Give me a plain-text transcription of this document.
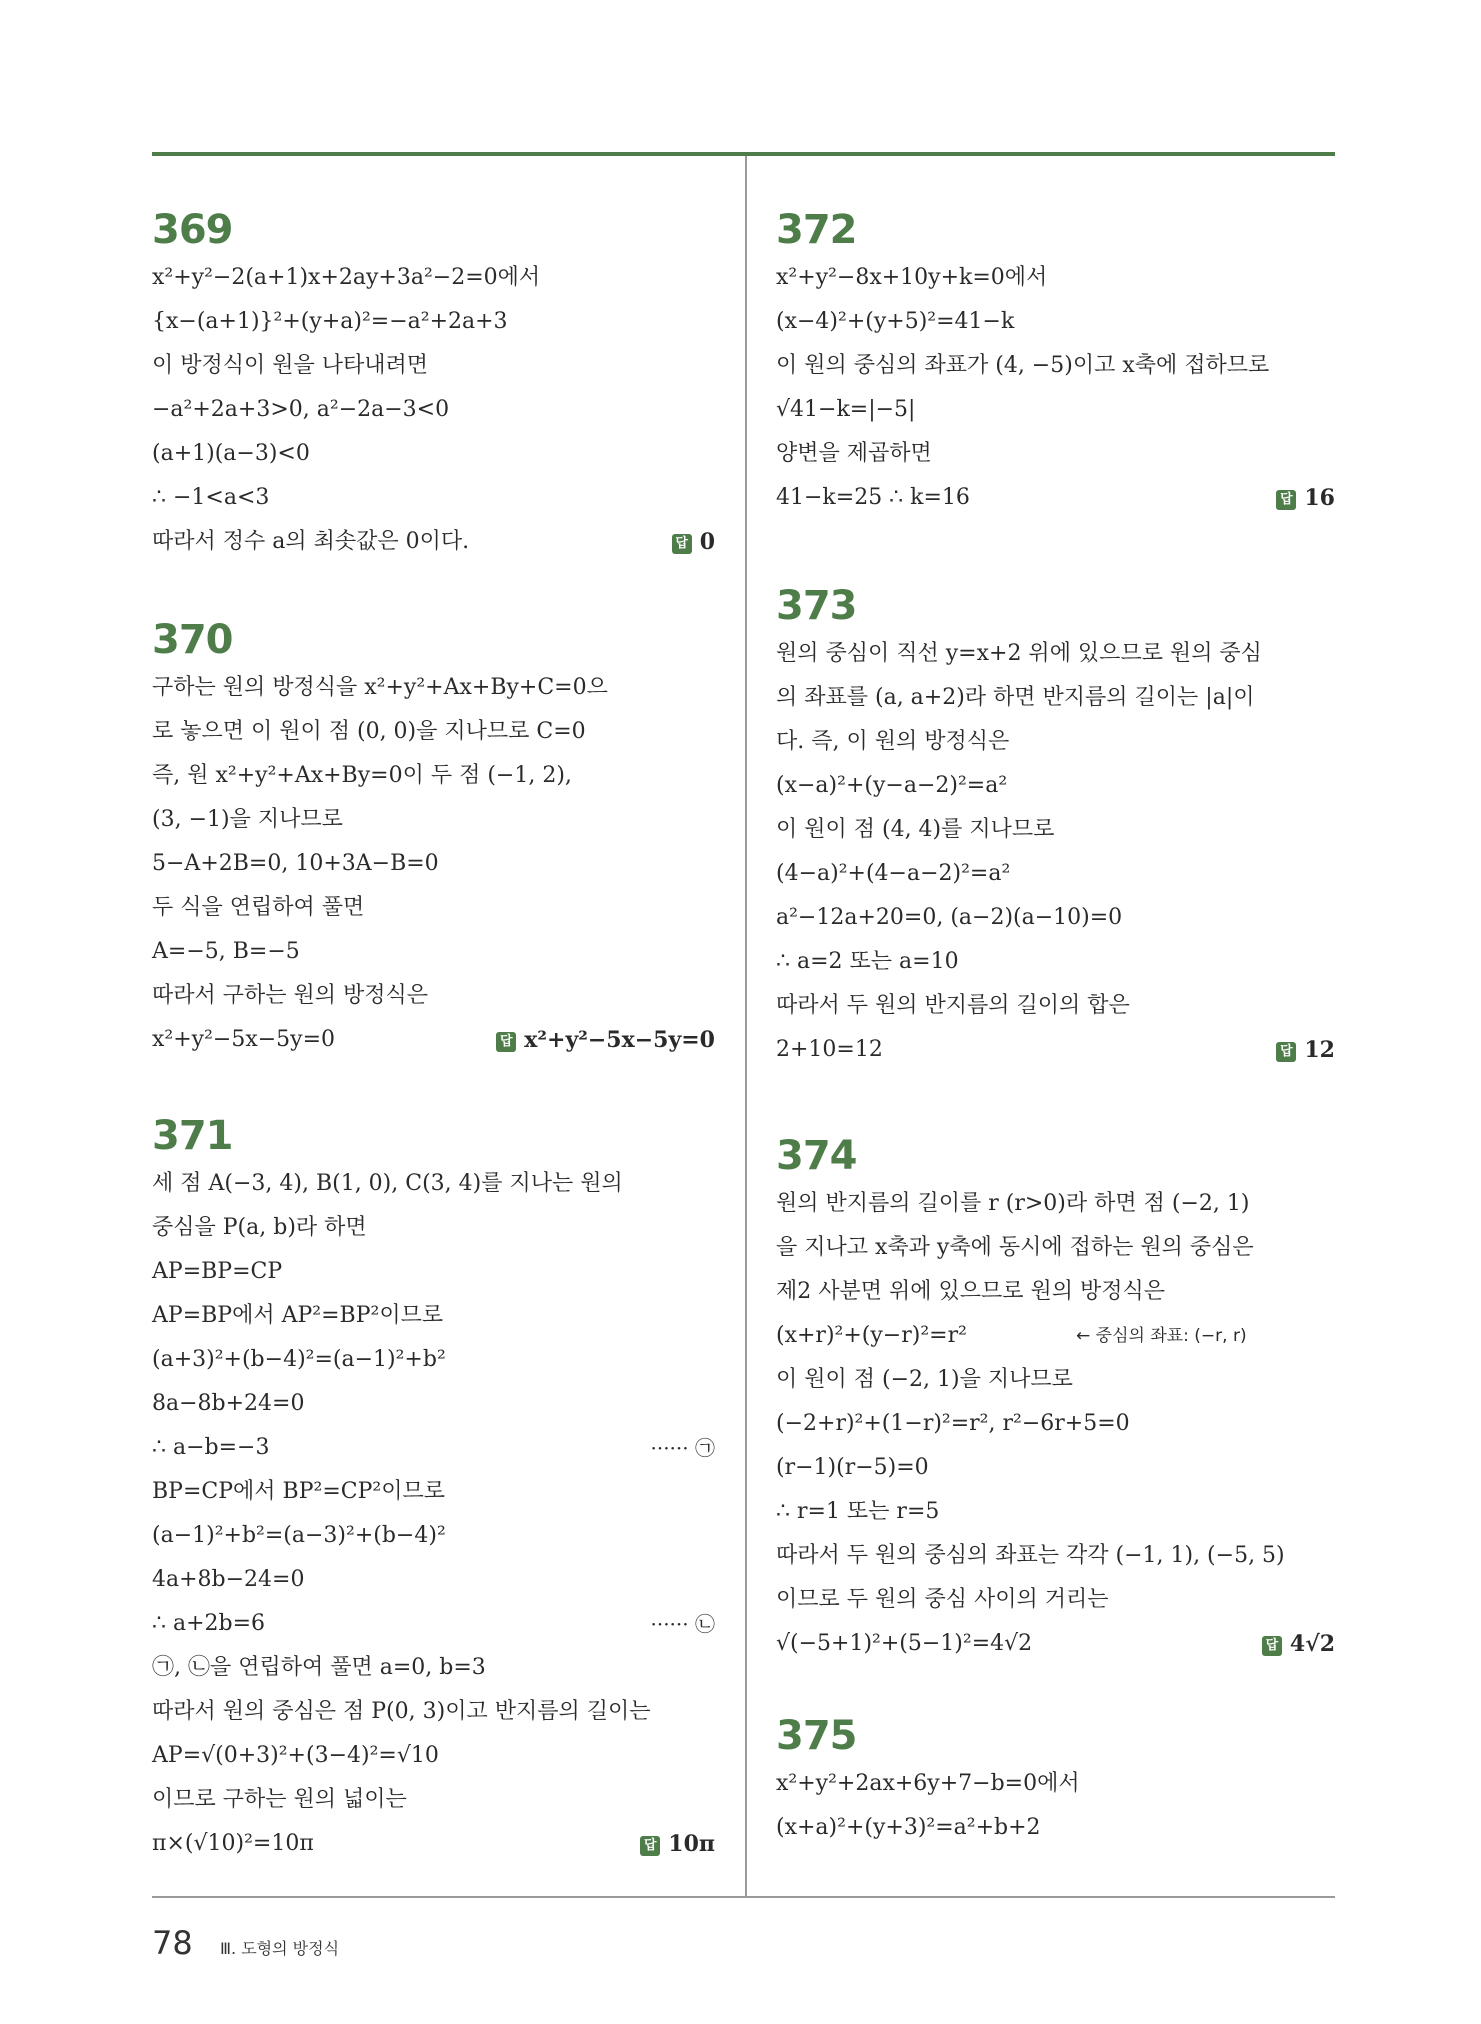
369
x²+y²−2(a+1)x+2ay+3a²−2=0에서
{x−(a+1)}²+(y+a)²=−a²+2a+3
이 방정식이 원을 나타내려면
−a²+2a+3>0, a²−2a−3<0
(a+1)(a−3)<0
∴ −1<a<3
따라서 정수 a의 최솟값은 0이다.	답 0
370
구하는 원의 방정식을 x²+y²+Ax+By+C=0으
로 놓으면 이 원이 점 (0, 0)을 지나므로 C=0
즉, 원 x²+y²+Ax+By=0이 두 점 (−1, 2),
(3, −1)을 지나므로
5−A+2B=0, 10+3A−B=0
두 식을 연립하여 풀면
A=−5, B=−5
따라서 구하는 원의 방정식은
x²+y²−5x−5y=0	답 x²+y²−5x−5y=0
371
세 점 A(−3, 4), B(1, 0), C(3, 4)를 지나는 원의
중심을 P(a, b)라 하면
AP=BP=CP
AP=BP에서 AP²=BP²이므로
(a+3)²+(b−4)²=(a−1)²+b²
8a−8b+24=0
∴ a−b=−3	······ ㉠
BP=CP에서 BP²=CP²이므로
(a−1)²+b²=(a−3)²+(b−4)²
4a+8b−24=0
∴ a+2b=6	······ ㉡
㉠, ㉡을 연립하여 풀면 a=0, b=3
따라서 원의 중심은 점 P(0, 3)이고 반지름의 길이는
AP=√(0+3)²+(3−4)²=√10
이므로 구하는 원의 넓이는
π×(√10)²=10π	답 10π
372
x²+y²−8x+10y+k=0에서
(x−4)²+(y+5)²=41−k
이 원의 중심의 좌표가 (4, −5)이고 x축에 접하므로
√41−k=|−5|
양변을 제곱하면
41−k=25 ∴ k=16	답 16
373
원의 중심이 직선 y=x+2 위에 있으므로 원의 중심
의 좌표를 (a, a+2)라 하면 반지름의 길이는 |a|이
다. 즉, 이 원의 방정식은
(x−a)²+(y−a−2)²=a²
이 원이 점 (4, 4)를 지나므로
(4−a)²+(4−a−2)²=a²
a²−12a+20=0, (a−2)(a−10)=0
∴ a=2 또는 a=10
따라서 두 원의 반지름의 길이의 합은
2+10=12	답 12
374
원의 반지름의 길이를 r (r>0)라 하면 점 (−2, 1)
을 지나고 x축과 y축에 동시에 접하는 원의 중심은
제2 사분면 위에 있으므로 원의 방정식은
(x+r)²+(y−r)²=r²	← 중심의 좌표: (−r, r)
이 원이 점 (−2, 1)을 지나므로
(−2+r)²+(1−r)²=r², r²−6r+5=0
(r−1)(r−5)=0
∴ r=1 또는 r=5
따라서 두 원의 중심의 좌표는 각각 (−1, 1), (−5, 5)
이므로 두 원의 중심 사이의 거리는
√(−5+1)²+(5−1)²=4√2	답 4√2
375
x²+y²+2ax+6y+7−b=0에서
(x+a)²+(y+3)²=a²+b+2
78 Ⅲ. 도형의 방정식
